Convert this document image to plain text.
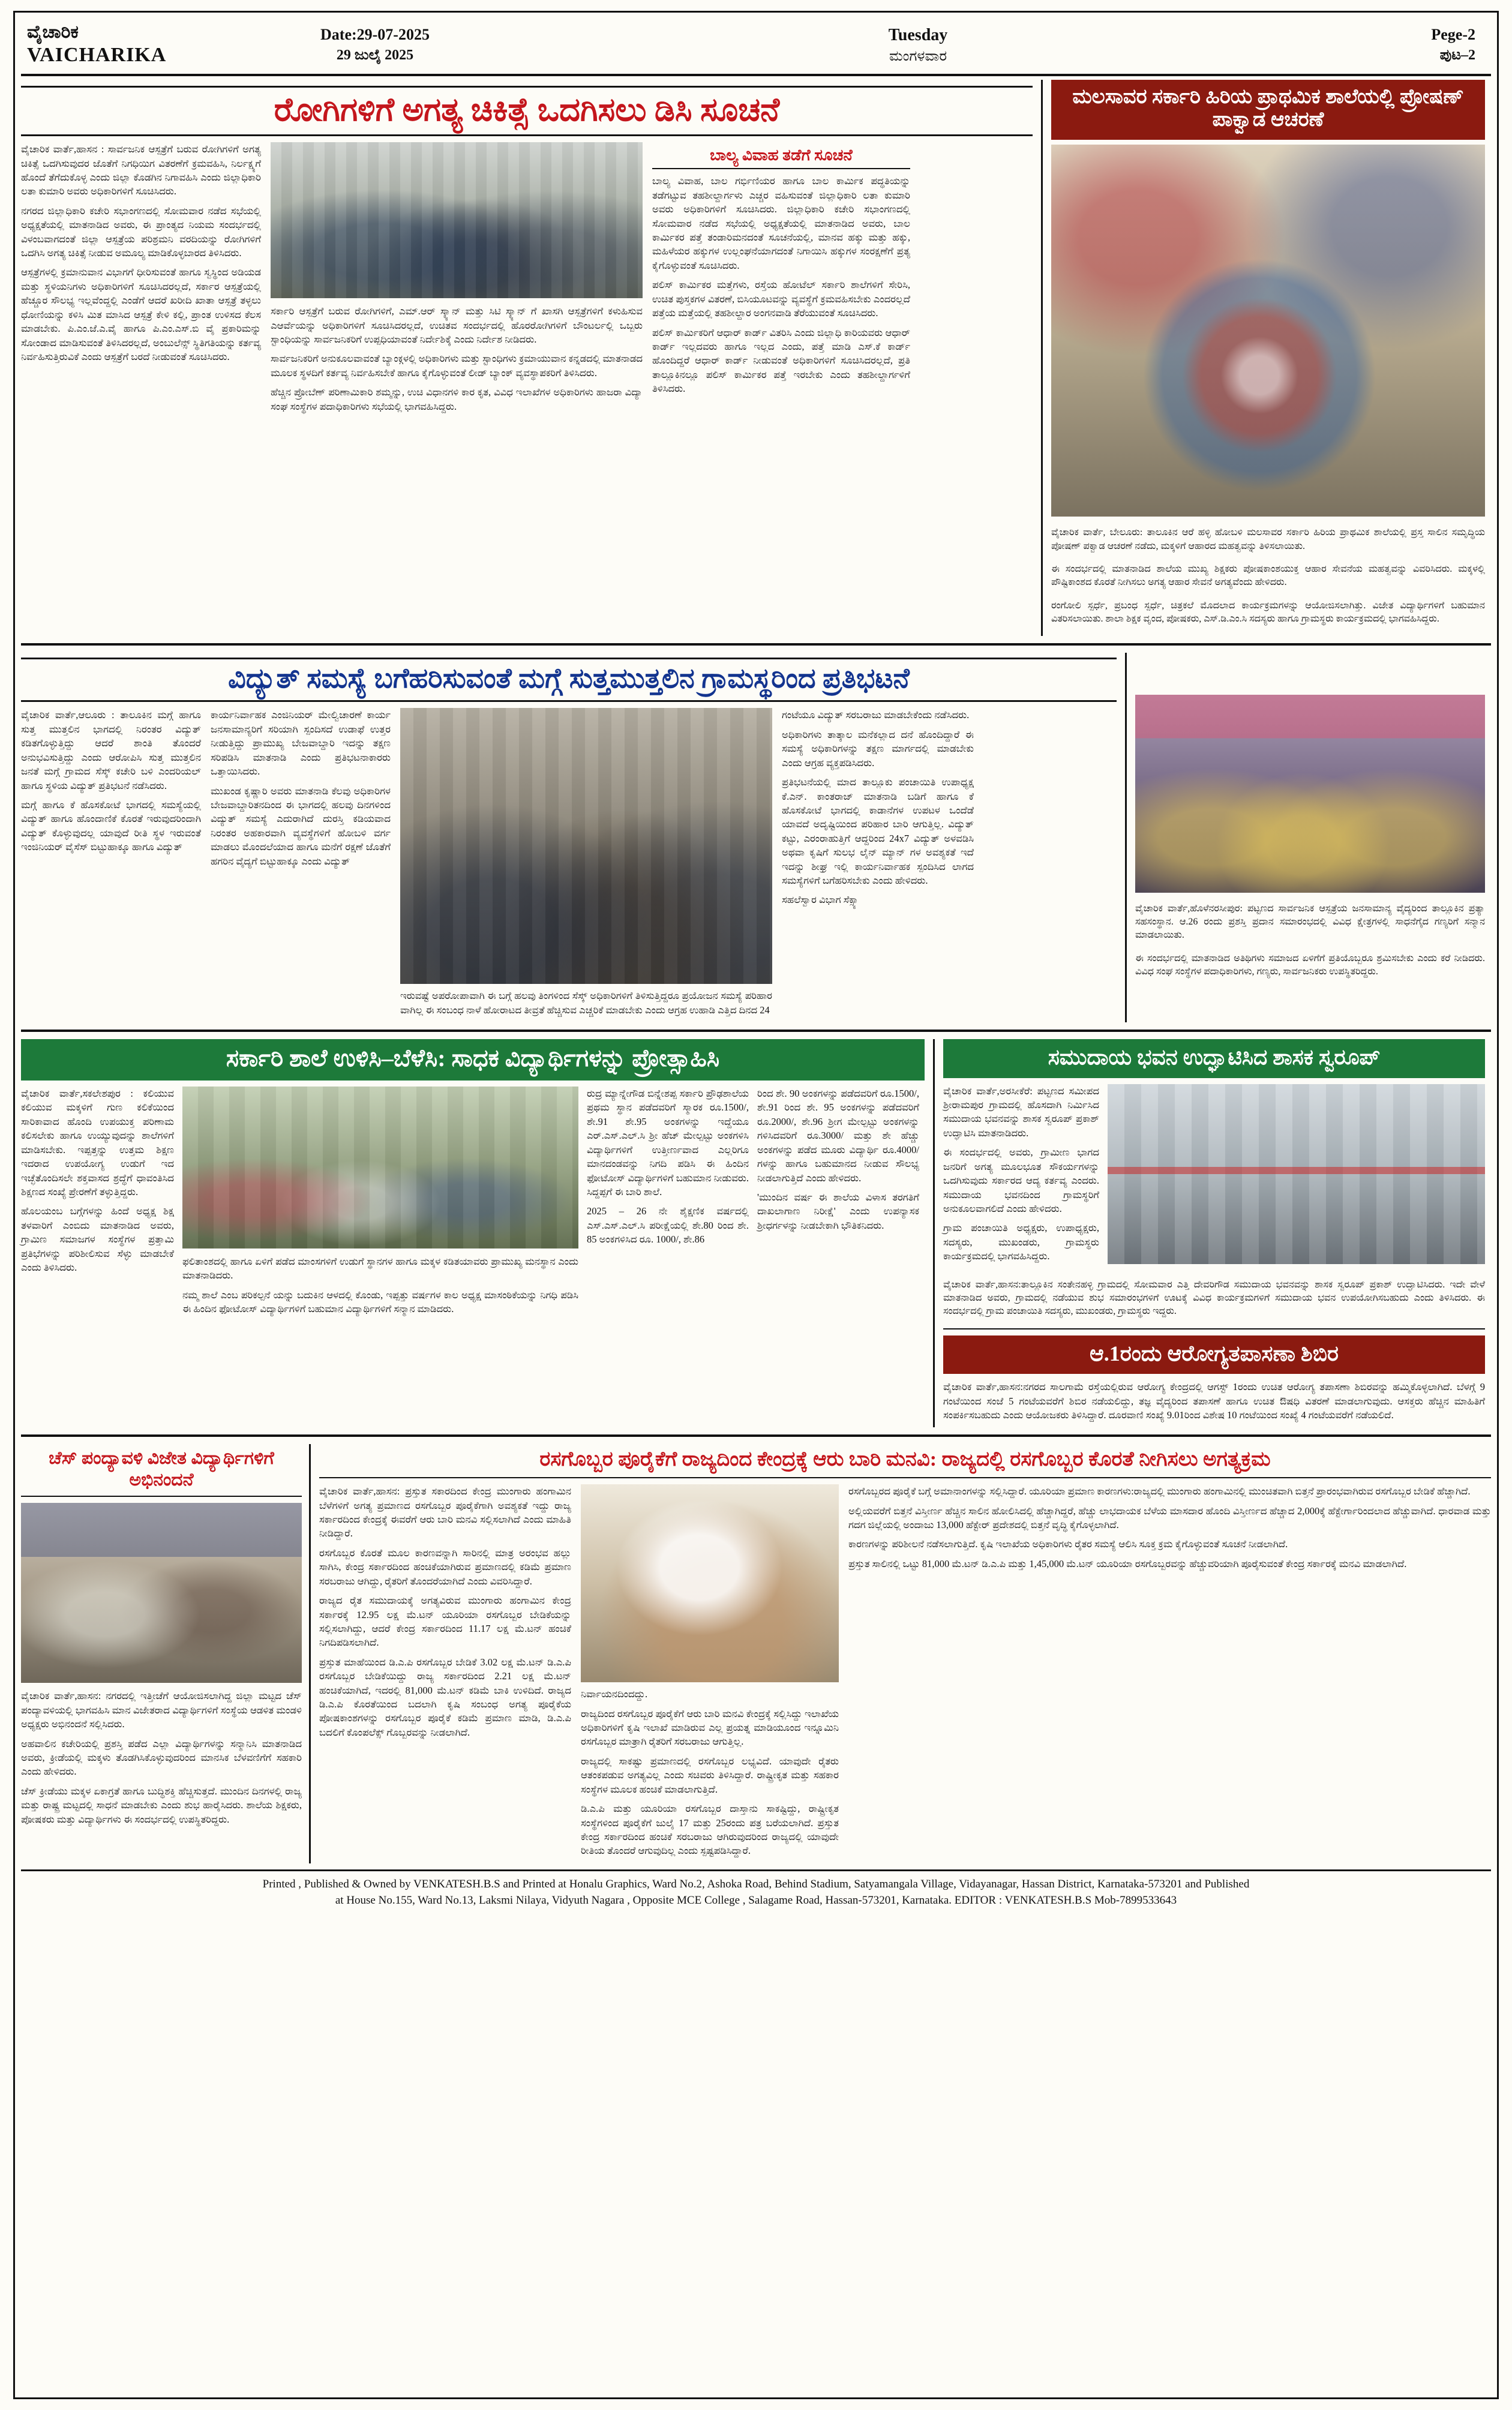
ವೈಚಾರಿಕ
VAICHARIKA
Date:29-07-2025
29 ಜುಲೈ 2025
Tuesday
ಮಂಗಳವಾರ
Pege-2
ಪುಟ–2
ರೋಗಿಗಳಿಗೆ ಅಗತ್ಯ ಚಿಕಿತ್ಸೆ ಒದಗಿಸಲು ಡಿಸಿ ಸೂಚನೆ

ವೈಚಾರಿಕ ವಾರ್ತೆ,ಹಾಸನ : ಸಾರ್ವಜನಿಕ ಆಸ್ಪತ್ರೆಗೆ ಬರುವ ರೋಗಿಗಳಿಗೆ ಅಗತ್ಯ ಚಿಕಿತ್ಸೆ ಒದಗಿಸುವುದರ ಜೊತೆಗೆ ನಿಗಧಿಯಿಗ ವಿತರಣೆಗೆ ಕ್ರಮವಹಿಸಿ, ನಿರ್ಲಕ್ಷ್ಯಗೆ ಹೊಂದೆ ತೆಗೆದುಕೊಳ್ಳ ಎಂದು ಜಿಲ್ಲಾ ಕೊಡಗಿನ ನಿಗಾವಹಿಸಿ ಎಂದು ಜಿಲ್ಲಾಧಿಕಾರಿ ಲತಾ ಕುಮಾರಿ ಅವರು ಅಧಿಕಾರಿಗಳಿಗೆ ಸೂಚಿಸಿದರು.

ನಗರದ ಜಿಲ್ಲಾಧಿಕಾರಿ ಕಚೇರಿ ಸಭಾಂಗಣದಲ್ಲಿ ಸೋಮವಾರ ನಡೆದ ಸಭೆಯಲ್ಲಿ ಅಧ್ಯಕ್ಷತೆಯಲ್ಲಿ ಮಾತನಾಡಿದ ಅವರು, ಈ ಪ್ರಾಂತ್ಯದ ನಿಯಮ ಸಂದರ್ಭದಲ್ಲಿ ವಿಳಂಬವಾಗದಂತೆ ಜಿಲ್ಲಾ ಆಸ್ಪತ್ರೆಯ ಪರಿಶ್ರಮನಿ ವರದಿಯನ್ನು ರೋಗಿಗಳಿಗೆ ಒದಗಿಸಿ ಅಗತ್ಯ ಚಿಕಿತ್ಸೆ ನೀಡುವ ಅಮೂಲ್ಯ ಮಾಡಿಕೊಳ್ಳಬಾರದ ತಿಳಿಸಿದರು.

ಆಸ್ಪತ್ರೆಗಳಲ್ಲಿ ಕ್ರಮಾನುವಾನ ವಿಭಾಗಗೆ ಧೀರಿಸುವಂತೆ ಹಾಗೂ ಸ್ವಸ್ಥಿಂದ ಅಡಿಯಡ ಮತ್ತು ಸ್ಥಳಿಯನಿಗಳು ಅಧಿಕಾರಿಗಳಿಗೆ ಸೂಚಿಸಿದರಲ್ಲದೆ, ಸರ್ಕಾರ ಆಸ್ಪತ್ರೆಯಲ್ಲಿ ಹೆಚ್ಚೂರ ಸೌಲಭ್ಯ ಇಲ್ಲವೆಂದ್ದಲ್ಲಿ ಎಂಡೆಗೆ ಆದರೆ ಖರೀದಿ ಖಾತಾ ಆಸ್ಪತ್ರೆ ತಳ್ಳಲು ಧೋಣಿಯನ್ನು ಕಳಿಸಿ ಮಿತ ಮಾಸಿದ ಆಸ್ಪತ್ರೆ ಕೇಳಿ ಕಲ್ಲಿ, ಪ್ರಾಂತ ಉಳಿಸದ ಕೆಲಸ ಮಾಡಬೇಕು. ಪಿ.ಎಂ.ಜೆ.ಎ.ವೈ ಹಾಗೂ ಪಿ.ಎಂ.ಎಸ್.ಬಿ ವೈ ಪ್ರಕಾರಿಮನ್ನು ಸೋಂಡಾದ ಮಾಡಿಸುವಂತೆ ತಿಳಿಸಿದರಲ್ಲದೆ, ಅಂಬುಲೆನ್ಸ್ ಸ್ಥಿತಿಗತಿಯನ್ನು ಕರ್ತವ್ಯ ನಿರ್ವಹಿಸುತ್ತಿರುವಿಕೆ ಎಂದು ಆಸ್ಪತ್ರೆಗೆ ಬರದೆ ನೀಡುವಂತೆ ಸೂಚಿಸಿದರು.

ಸರ್ಕಾರಿ ಆಸ್ಪತ್ರೆಗೆ ಬರುವ ರೋಗಿಗಳಿಗೆ, ಎಮ್.ಆರ್ ಸ್ಕ್ಯಾನ್ ಮತ್ತು ಸಿಟಿ ಸ್ಕ್ಯಾನ್ ಗೆ ಖಾಸಗಿ ಆಸ್ಪತ್ರೆಗಳಿಗೆ ಕಳುಹಿಸುವ ಎಆರ್ವೆಯನ್ನು ಅಧಿಕಾರಿಗಳಿಗೆ ಸೂಚಿಸಿದರಲ್ಲದೆ, ಉಚಿತವ ಸಂದರ್ಭದಲ್ಲಿ ಹೊರರೋಗಿಗಳಿಗೆ ಬೌಂಟರ್ಲಲ್ಲಿ ಒಬ್ಬರು ಸ್ಟಾಂಧಿಯನ್ನು ಸಾರ್ವಜನಿಕರಿಗೆ ಉಪ್ಪಧಿಯಾವಂತೆ ನಿರ್ದೇಶಿಕ್ಕೆ ಎಂದು ನಿರ್ದೇಶ ನೀಡಿದರು.

ಸಾರ್ವಜನಿಕರಿಗೆ ಅನುಕೂಲವಾವಂತೆ ಬ್ಯಾಂಕ್ಗಳಲ್ಲಿ ಅಧಿಕಾರಿಗಳು ಮತ್ತು ಸ್ಟಾಂಧಿಗಳು ಕ್ರಮಾಯುವಾನ ಕನ್ನಡದಲ್ಲಿ ಮಾತನಾಡದ ಮೂಲಕ ಸ್ಥಳದಿಗೆ ಕರ್ತವ್ಯ ನಿರ್ವಹಿಸಬೇಕೆ ಹಾಗೂ ಕೈಗೊಳ್ಳುವಂತೆ ಲೀಡ್ ಬ್ಯಾಂಕ್ ವ್ಯವಸ್ಥಾಪಕರಿಗೆ ತಿಳಿಸಿದರು.

ಹೆಚ್ಚಿನ ಪ್ರೋಬೆಣ್ ಪರಿಣಾಮಿಕಾರಿ ಶಮ್ಮನ್ನು, ಉಚಿ ವಿಧಾನಗಳಿ ಕಾರ ಕೃತ, ವಿವಿಧ ಇಲಾಖೆಗಳ ಅಧಿಕಾರಿಗಳು ಹಾಜರಾ ವಿದ್ಯಾ ಸಂಘ ಸಂಸ್ಥೆಗಳ ಪದಾಧಿಕಾರಿಗಳು ಸಭೆಯಲ್ಲಿ ಭಾಗವಹಿಸಿದ್ದರು.

ಬಾಲ್ಯ ವಿವಾಹ ತಡೆಗೆ ಸೂಚನೆ

ಬಾಲ್ಯ ವಿವಾಹ, ಬಾಲ ಗರ್ಭಿಣಿಯರ ಹಾಗೂ ಬಾಲ ಕಾರ್ಮಿಕ ಪದ್ಧತಿಯನ್ನು ತಡೆಗಟ್ಟುವ ತಹಶೀಲ್ದಾರ್ಗಳು ಎಚ್ಚರ ವಹಿಸುವಂತೆ ಜಿಲ್ಲಾಧಿಕಾರಿ ಲತಾ ಕುಮಾರಿ ಅವರು ಅಧಿಕಾರಿಗಳಿಗೆ ಸೂಚಿಸಿದರು. ಜಿಲ್ಲಾಧಿಕಾರಿ ಕಚೇರಿ ಸಭಾಂಗಣದಲ್ಲಿ ಸೋಮವಾರ ನಡೆದ ಸಭೆಯಲ್ಲಿ ಅಧ್ಯಕ್ಷತೆಯಲ್ಲಿ ಮಾತನಾಡಿದ ಅವರು, ಬಾಲ ಕಾರ್ಮಿಕರ ಪತ್ತೆ ತಂಡಾರಿಮನದಂತೆ ಸೂಚನೆಯಲ್ಲಿ, ಮಾನವ ಹಕ್ಕು ಮತ್ತು ಹಕ್ಕು, ಮಹಿಳೆಯರ ಹಕ್ಕುಗಳ ಉಲ್ಲಂಘನೆಯಾಗದಂತೆ ನಿಗಾಯಿಸಿ ಹಕ್ಕುಗಳ ಸಂರಕ್ಷಣೆಗೆ ಪ್ರತ್ಯ ಕೈಗೊಳ್ಳುವಂತೆ ಸೂಚಿಸಿದರು.

ಪಲಿಸ್ ಕಾರ್ಮಿಕರ ಮತ್ತೆಗಳು, ರಸ್ತೆಯ ಹೋಟೆಲ್ ಸರ್ಕಾರಿ ಶಾಲೆಗಳಿಗೆ ಸೇರಿಸಿ, ಉಚಿತ ಪುಸ್ತಕಗಳ ವಿತರಣೆ, ಬಿಸಿಯೂಟವನ್ನು ವ್ಯವಸ್ಥೆಗೆ ಕ್ರಮವಹಿಸಬೇಕು ಎಂದರಲ್ಲದೆ ಪತ್ತೆಯ ಮತ್ತೆಯಲ್ಲಿ ತಹಶೀಲ್ದಾರ ಅಂಗನವಾಡಿ ತೆರೆಯುವಂತೆ ಸೂಚಿಸಿದರು.

ಪಲಿಸ್ ಕಾರ್ಮಿಕರಿಗೆ ಆಧಾರ್ ಕಾರ್ಡ್ ವಿತರಿಸಿ ಎಂದು ಜಿಲ್ಲಾಧಿ ಕಾರಿಯವರು ಆಧಾರ್ ಕಾರ್ಡ್ ಇಲ್ಲದವರು ಹಾಗೂ ಇಲ್ಲದ ಎಂದು, ಪತ್ತೆ ಮಾಡಿ ಎಸ್.ಕೆ ಕಾರ್ಡ್ ಹೊಂದಿದ್ದರೆ ಆಧಾರ್ ಕಾರ್ಡ್ ನೀಡುವಂತೆ ಅಧಿಕಾರಿಗಳಿಗೆ ಸೂಚಿಸಿದರಲ್ಲದೆ, ಪ್ರತಿ ತಾಲ್ಲೂಕಿನಲ್ಲೂ ಪಲಿಸ್ ಕಾರ್ಮಿಕರ ಪತ್ತೆ ಇರಬೇಕು ಎಂದು ತಹಶೀಲ್ದಾರ್ಗಳಿಗೆ ತಿಳಿಸಿದರು.

ಮಲಸಾವರ ಸರ್ಕಾರಿ ಹಿರಿಯ ಪ್ರಾಥಮಿಕ ಶಾಲೆಯಲ್ಲಿ ಪ್ರೋಷಣ್ ಪಾಕ್ವಾಡ ಆಚರಣೆ

ವೈಚಾರಿಕ ವಾರ್ತೆ, ಬೇಲೂರು: ತಾಲೂಕಿನ ಆರೆ ಹಳ್ಳಿ ಹೋಬಳಿ ಮಲಸಾವರ ಸರ್ಕಾರಿ ಹಿರಿಯ ಪ್ರಾಥಮಿಕ ಶಾಲೆಯಲ್ಲಿ ಪ್ರಸ್ತ ಸಾಲಿನ ಸಮೃದ್ಧಿಯ ಪೋಷಣ್ ಪಕ್ವಾಡ ಆಚರಣೆ ನಡೆದು, ಮಕ್ಕಳಿಗೆ ಆಹಾರದ ಮಹತ್ವವನ್ನು ತಿಳಿಸಲಾಯಿತು.

ಈ ಸಂದರ್ಭದಲ್ಲಿ ಮಾತನಾಡಿದ ಶಾಲೆಯ ಮುಖ್ಯ ಶಿಕ್ಷಕರು ಪೋಷಕಾಂಶಯುಕ್ತ ಆಹಾರ ಸೇವನೆಯ ಮಹತ್ವವನ್ನು ವಿವರಿಸಿದರು. ಮಕ್ಕಳಲ್ಲಿ ಪೌಷ್ಟಿಕಾಂಶದ ಕೊರತೆ ನೀಗಿಸಲು ಅಗತ್ಯ ಆಹಾರ ಸೇವನೆ ಅಗತ್ಯವೆಂದು ಹೇಳಿದರು.

ರಂಗೋಲಿ ಸ್ಪರ್ಧೆ, ಪ್ರಬಂಧ ಸ್ಪರ್ಧೆ, ಚಿತ್ರಕಲೆ ಮೊದಲಾದ ಕಾರ್ಯಕ್ರಮಗಳನ್ನು ಆಯೋಜಿಸಲಾಗಿತ್ತು. ವಿಜೇತ ವಿದ್ಯಾರ್ಥಿಗಳಿಗೆ ಬಹುಮಾನ ವಿತರಿಸಲಾಯಿತು. ಶಾಲಾ ಶಿಕ್ಷಕ ವೃಂದ, ಪೋಷಕರು, ಎಸ್.ಡಿ.ಎಂ.ಸಿ ಸದಸ್ಯರು ಹಾಗೂ ಗ್ರಾಮಸ್ಥರು ಕಾರ್ಯಕ್ರಮದಲ್ಲಿ ಭಾಗವಹಿಸಿದ್ದರು.

ವಿದ್ಯುತ್ ಸಮಸ್ಯೆ ಬಗೆಹರಿಸುವಂತೆ ಮಗ್ಗೆ ಸುತ್ತಮುತ್ತಲಿನ ಗ್ರಾಮಸ್ಥರಿಂದ ಪ್ರತಿಭಟನೆ

ವೈಚಾರಿಕ ವಾರ್ತೆ,ಆಲೂರು : ತಾಲೂಕಿನ ಮಗ್ಗೆ ಹಾಗೂ ಸುತ್ತ ಮುತ್ತಲಿನ ಭಾಗದಲ್ಲಿ ನಿರಂತರ ವಿದ್ಯುತ್ ಕಡಿತಗೊಳ್ಳುತ್ತಿದ್ದು ಆದರೆ ಶಾಂತಿ ತೊಂದರೆ ಅನುಭವಿಸುತ್ತಿದ್ದು ಎಂದು ಆರೋಪಿಸಿ ಸುತ್ತ ಮುತ್ತಲಿನ ಜನತೆ ಮಗ್ಗೆ ಗ್ರಾಮದ ಸೆಸ್ಕ್ ಕಚೇರಿ ಬಳಿ ಎಂದರಿಯಲ್ ಹಾಗೂ ಸ್ಥಳಿಯ ವಿದ್ಯುತ್ ಪ್ರತಿಭಟನೆ ನಡೆಸಿದರು.

ಮಗ್ಗೆ ಹಾಗೂ ಕೆ ಹೊಸಕೋಟೆ ಭಾಗದಲ್ಲಿ ಸಮಸ್ಯೆಯಲ್ಲಿ ವಿದ್ಯುತ್ ಹಾಗೂ ಹೊಂದಾಣಿಕೆ ಕೊರತೆ ಇರುವುದರಿಂದಾಗಿ ವಿದ್ಯುತ್ ಕೊಳ್ಳುವುದಲ್ಲ ಯಾವುದೆ ರೀತಿ ಸ್ಥಳ ಇರುವಂತೆ ಇಂಜಿನಿಯರ್ ವೈಸೆಸ್ ಬಿಟ್ಟುಹಾಕ್ಕೂ ಹಾಗೂ ವಿದ್ಯುತ್

ಕಾರ್ಯನಿರ್ವಾಹಕ ಎಂಜಿನಿಯರ್ ಮೇಲ್ವಿಚಾರಣೆ ಕಾರ್ಯ ಜನಸಾಮಾನ್ಯರಿಗೆ ಸರಿಯಾಗಿ ಸ್ಪಂದಿಸದೆ ಉಡಾಫೆ ಉತ್ತರ ನೀಡುತ್ತಿದ್ದು ಪ್ರಾಮುಖ್ಯ ಬೇಜವಾಬ್ದಾರಿ ಇದನ್ನು ತಕ್ಷಣ ಸರಿಪಡಿಸಿ ಮಾತನಾಡಿ ಎಂದು ಪ್ರತಿಭಟನಾಕಾರರು ಒತ್ತಾಯಿಸಿದರು.

ಮುಖಂಡ ಕೃಷ್ಣಾರಿ ಅವರು ಮಾತನಾಡಿ ಕೆಲವು ಅಧಿಕಾರಿಗಳ ಬೇಜವಾಬ್ದಾರಿತನದಿಂದ ಈ ಭಾಗದಲ್ಲಿ ಹಲವು ದಿನಗಳಿಂದ ವಿದ್ಯುತ್ ಸಮಸ್ಯೆ ಎದುರಾಗಿದೆ ದುರಸ್ತಿ ಕಡಿಯವಾದ ನಿರಂತರ ಅಹಕಾರವಾಗಿ ವ್ಯವಸ್ಥೆಗಳಿಗೆ ಹೋಬಳಿ ವರ್ಗ ಮಾಡಲು ಮೊಂದಲೆಯಾದ ಹಾಗೂ ಮನೆಗೆ ರಕ್ಷಣೆ ಜೊತೆಗೆ ಹಗರಿನ ವೈದ್ಯಗೆ ಬಿಟ್ಟುಹಾಕ್ಕೂ ಎಂದು ವಿದ್ಯುತ್

ಇರುವಷ್ಟೆ ಅಪರೋಪಾವಾಗಿ ಈ ಬಗ್ಗೆ ಹಲವು ತಿಂಗಳಿಂದ ಸೆಸ್ಕ್ ಅಧಿಕಾರಿಗಳಿಗೆ ತಿಳಿಸುತ್ತಿದ್ದರೂ ಪ್ರಯೋಜನ ಸಮಸ್ಯೆ ಪರಿಹಾರ ವಾಗಿಲ್ಲ ಈ ಸಂಬಂಧ ನಾಳೆ ಹೋರಾಟದ ತೀವ್ರತೆ ಹೆಚ್ಚಿಸುವ ಎಚ್ಚರಿಕೆ ಮಾಡಬೇಕು ಎಂದು ಆಗ್ರಹ ಉಹಾಡಿ ಎತ್ತಿದ ದಿನದ 24

ಗಂಟೆಯೂ ವಿದ್ಯುತ್ ಸರಬರಾಜು ಮಾಡಬೇಕೆಂದು ನಡೆಸಿದರು.

ಅಧಿಕಾರಿಗಳು ತಾತ್ಕಾಲ ಮನೆಕಲ್ಲಾದ ದನೆ ಹೊಂದಿದ್ದಾರೆ ಈ ಸಮಸ್ಯೆ ಅಧಿಕಾರಿಗಳನ್ನು ತಕ್ಷಣ ಮಾರ್ಗದಲ್ಲಿ ಮಾಡಬೇಕು ಎಂದು ಆಗ್ರಹ ವ್ಯಕ್ತಪಡಿಸಿದರು.

ಪ್ರತಿಭಟನೆಯಲ್ಲಿ ಮಾದ ತಾಲ್ಲೂಕು ಪಂಚಾಯಿತಿ ಉಪಾಧ್ಯಕ್ಷ ಕೆ.ಎನ್. ಕಾಂತರಾಜ್ ಮಾತನಾಡಿ ಬಡಿಗೆ ಹಾಗೂ ಕೆ ಹೊಸಕೋಟೆ ಭಾಗದಲ್ಲಿ ಕಾಡಾನೆಗಳ ಉಪಟಳ ಒಂದೆಡೆ ಯಾವದೆ ಅದೃಷ್ಟಿಯಿಂದ ಪರಿಹಾರ ಬಾರಿ ಆಗುತ್ತಿಲ್ಲ. ವಿದ್ಯುತ್ ಕಟ್ಟು, ಎರಂರಾಹುತ್ತಿಗೆ ಆದ್ದರಿಂದ 24x7 ವಿದ್ಯುತ್ ಅಳವಡಿಸಿ ಅಥವಾ ಕೃಷಿಗೆ ಸುಲಭ ಲೈನ್ ಮ್ಯಾನ್ ಗಳ ಅವಶ್ಯಕತೆ ಇದೆ ಇದನ್ನು ಶೀಘ್ರ ಇಲ್ಲಿ ಕಾರ್ಯನಿರ್ವಾಹಕ ಸ್ಪಂದಿಸಿದ ಲಾಗದ ಸಮಸ್ಯೆಗಳಿಗೆ ಬಗೆಹರಿಸಬೇಕು ಎಂದು ಹೇಳಿದರು.

ಸಹಲೆಸ್ವಾರ ವಿಭಾಗ ಸೆಕ್ಸ್ಯಾ

ವೈಚಾರಿಕ ವಾರ್ತೆ,ಹೊಳೆನರಸೀಪುರ: ಪಟ್ಟಣದ ಸಾರ್ವಜನಿಕ ಆಸ್ಪತ್ರೆಯ ಜನಸಾಮಾನ್ಯ ವೈದ್ಯರಿಂದ ತಾಲ್ಲೂಕಿನ ಪ್ರತ್ಯಾ ಸಹಸಂಸ್ಥಾನ. ಆ.26 ರಂದು ಪ್ರಶಸ್ತಿ ಪ್ರದಾನ ಸಮಾರಂಭದಲ್ಲಿ ವಿವಿಧ ಕ್ಷೇತ್ರಗಳಲ್ಲಿ ಸಾಧನೆಗೈದ ಗಣ್ಯರಿಗೆ ಸನ್ಮಾನ ಮಾಡಲಾಯಿತು.

ಈ ಸಂದರ್ಭದಲ್ಲಿ ಮಾತನಾಡಿದ ಅತಿಥಿಗಳು ಸಮಾಜದ ಏಳಿಗೆಗೆ ಪ್ರತಿಯೊಬ್ಬರೂ ಶ್ರಮಿಸಬೇಕು ಎಂದು ಕರೆ ನೀಡಿದರು. ವಿವಿಧ ಸಂಘ ಸಂಸ್ಥೆಗಳ ಪದಾಧಿಕಾರಿಗಳು, ಗಣ್ಯರು, ಸಾರ್ವಜನಿಕರು ಉಪಸ್ಥಿತರಿದ್ದರು.

ಸರ್ಕಾರಿ ಶಾಲೆ ಉಳಿಸಿ–ಬೆಳೆಸಿ: ಸಾಧಕ ವಿದ್ಯಾರ್ಥಿಗಳನ್ನು ಪ್ರೋತ್ಸಾಹಿಸಿ

ವೈಚಾರಿಕ ವಾರ್ತೆ,ಸಕಲೇಶಪುರ : ಕಲಿಯುವ ಕಲಿಯುವ ಮಕ್ಕಳಿಗೆ ಗುಣ ಕಲಿಕೆಯಿಂದ ಸಾರಿಕಾವಾದ ಹೊಂದಿ ಉಪಯುಕ್ತ ಪರಿಣಾಮ ಕಲಿಸಲೇಕು ಹಾಗೂ ಉಯ್ಯುವುದನ್ನು ಶಾಲೆಗಳಿಗೆ ಮಾಡಿಸಬೇಕು. ಇಪ್ಪತ್ತನ್ನು ಉತ್ತಮ ಶಿಕ್ಷಣ ಇದರಾದ ಉಪಯೋಗ್ಯ ಉಡುಗೆ ಇದ ಇಚ್ಛೆತೊಂದಿಸಲೇ ಶಕ್ತವಾಸದ ಶ್ರದ್ಧೆಗೆ ಧಾವಂತಿಸಿದ ಶಿಕ್ಷಣದ ಸಂಖ್ಯೆ ಪ್ರೇರಣೆಗೆ ತಳ್ಳುತ್ತಿದ್ದರು.

ಹೊಲಯಂಬ ಬಗ್ಗೆಗಳನ್ನು ಹಿಂದೆ ಅಧ್ಯಕ್ಷ ಶಿಕ್ಷ ತಳವಾರಿಗೆ ಎಂಬಿದು ಮಾತನಾಡಿದ ಅವರು, ಗ್ರಾಮಿಣ ಸಮಾಜಗಳ ಸಂಸ್ಥೆಗಳ ಪ್ರತ್ತಾಮಿ ಪ್ರತಿಭೆಗಳನ್ನು ಪರಿಶೀಲಿಸುವ ಸೆಳ್ಳು ಮಾಡಬೇಕೆ ಎಂದು ತಿಳಿಸಿದರು.

ಫಲಿತಾಂಶದಲ್ಲಿ ಹಾಗೂ ಏಳಿಗೆ ಪಡೆದ ಮಾಂಸಗಳಿಗೆ ಉಡುಗೆ ಸ್ಥಾನಗಳ ಹಾಗೂ ಮಕ್ಕಳ ಕಡಿತಯಾವರು ಪ್ರಾಮುಖ್ಯ ಮನಸ್ಥಾನ ಎಂದು ಮಾತನಾಡಿದರು.

ನಮ್ಮ ಶಾಲೆ ಎಂಬ ಪರಿಕಲ್ಪನೆ ಯನ್ನು ಬದುಕಿನ ಆಳದಲ್ಲಿ ಕೊಂಡು, ಇಪ್ಪತ್ತು ವರ್ಷಗಳ ಕಾಲ ಅಧ್ಯಕ್ಷ ಮಾಸಂಠಿಕೆಯನ್ನು ನಿಗಧಿ ಪಡಿಸಿ ಈ ಹಿಂದಿನ ಫೋಟೋಸ್ ವಿದ್ಯಾರ್ಥಿಗಳಿಗೆ ಬಹುಮಾನ ವಿದ್ಯಾರ್ಥಿಗಳಿಗೆ ಸನ್ಮಾನ ಮಾಡಿದರು.

ರುದ್ರ ಮ್ಯಾನ್ನೇಗೌಡ ಬಿನ್ನೇಶಪ್ಪ ಸರ್ಕಾರಿ ಪ್ರೌಢಶಾಲೆಯ ಪ್ರಥಮ ಸ್ಥಾನ ಪಡೆದವರಿಗೆ ಸ್ಮಾರಕ ರೂ.1500/, ಶೇ.91 ಶೇ.95 ಅಂಕಗಳನ್ನು ಇದ್ದೆಯೂ ಎರ್.ಎಸ್.ಎಲ್.ಸಿ ಶ್ರೀ ಹೆಚ್ ಮೇಲ್ಪಟ್ಟು ಅಂಕಗಳಿಸಿ ವಿದ್ಯಾರ್ಥಿಗಳಿಗೆ ಉತ್ತೀರ್ಣವಾದ ಎಲ್ಲರಿಗೂ ಮಾನದಂಡವನ್ನು ನಿಗದಿ ಪಡಿಸಿ ಈ ಹಿಂದಿನ ಫೋಟೋಸ್ ವಿದ್ಯಾರ್ಥಿಗಳಿಗೆ ಬಹುಮಾನ ನೀಡುವರು. ಸಿದ್ದಪ್ಪಗೆ ಈ ಬಾರಿ ಶಾಲೆ.

2025 – 26 ನೇ ಶೈಕ್ಷಣಿಕ ವರ್ಷದಲ್ಲಿ ಎಸ್.ಎಸ್.ಎಲ್.ಸಿ ಪರೀಕ್ಷೆಯಲ್ಲಿ ಶೇ.80 ರಿಂದ ಶೇ. 85 ಅಂಕಗಳಿಸಿದ ರೂ. 1000/, ಶೇ.86

ರಿಂದ ಶೇ. 90 ಅಂಕಗಳನ್ನು ಪಡೆದವರಿಗೆ ರೂ.1500/, ಶೇ.91 ರಿಂದ ಶೇ. 95 ಅಂಕಗಳನ್ನು ಪಡೆದವರಿಗೆ ರೂ.2000/, ಶೇ.96 ಶ್ರೀಗ ಮೇಲ್ಪಟ್ಟು ಅಂಕಗಳನ್ನು ಗಳಿಸಿದವರಿಗೆ ರೂ.3000/ ಮತ್ತು ಶೇ ಹೆಚ್ಚು ಅಂಕಗಳನ್ನು ಪಡೆದ ಮೂರು ವಿದ್ಯಾರ್ಥಿ ರೂ.4000/ ಗಳನ್ನು ಹಾಗೂ ಬಹುಮಾನದ ನೀಡುವ ಸೌಲಭ್ಯ ನೀಡಲಾಗುತ್ತಿದೆ ಎಂದು ಹೇಳಿದರು.

'ಮುಂದಿನ ವರ್ಷ ಈ ಶಾಲೆಯ ವಿಳಾಸ ತರಗತಿಗೆ ದಾಖಲಾಗಾಣ ನಿರೀಕ್ಷೆ' ಎಂದು ಉಪನ್ಯಾಸಕ ಶ್ರೀಧರ್ಗಳನ್ನು ನೀಡಬೇಕಾಗಿ ಭೌತಿಕನಿದರು.

ಸಮುದಾಯ ಭವನ ಉದ್ಘಾಟಿಸಿದ ಶಾಸಕ ಸ್ವರೂಪ್

ವೈಚಾರಿಕ ವಾರ್ತೆ,ಅರಸೀಕೆರೆ: ಪಟ್ಟಣದ ಸಮೀಪದ ಶ್ರೀರಾಮಪುರ ಗ್ರಾಮದಲ್ಲಿ ಹೊಸದಾಗಿ ನಿರ್ಮಿಸಿದ ಸಮುದಾಯ ಭವನವನ್ನು ಶಾಸಕ ಸ್ವರೂಪ್ ಪ್ರಕಾಶ್ ಉದ್ಘಾಟಿಸಿ ಮಾತನಾಡಿದರು.

ಈ ಸಂದರ್ಭದಲ್ಲಿ ಅವರು, ಗ್ರಾಮೀಣ ಭಾಗದ ಜನರಿಗೆ ಅಗತ್ಯ ಮೂಲಭೂತ ಸೌಕರ್ಯಗಳನ್ನು ಒದಗಿಸುವುದು ಸರ್ಕಾರದ ಆದ್ಯ ಕರ್ತವ್ಯ ಎಂದರು. ಸಮುದಾಯ ಭವನದಿಂದ ಗ್ರಾಮಸ್ಥರಿಗೆ ಅನುಕೂಲವಾಗಲಿದೆ ಎಂದು ಹೇಳಿದರು.

ಗ್ರಾಮ ಪಂಚಾಯಿತಿ ಅಧ್ಯಕ್ಷರು, ಉಪಾಧ್ಯಕ್ಷರು, ಸದಸ್ಯರು, ಮುಖಂಡರು, ಗ್ರಾಮಸ್ಥರು ಕಾರ್ಯಕ್ರಮದಲ್ಲಿ ಭಾಗವಹಿಸಿದ್ದರು.

ವೈಚಾರಿಕ ವಾರ್ತೆ,ಹಾಸನ:ತಾಲ್ಲೂಕಿನ ಸಂತೇನಹಳ್ಳಿ ಗ್ರಾಮದಲ್ಲಿ ಸೋಮವಾರ ಎತ್ತಿ ದೇವರಿಗೌಡ ಸಮುದಾಯ ಭವನವನ್ನು ಶಾಸಕ ಸ್ವರೂಪ್ ಪ್ರಕಾಶ್ ಉದ್ಘಾಟಿಸಿದರು. ಇದೇ ವೇಳೆ ಮಾತನಾಡಿದ ಅವರು, ಗ್ರಾಮದಲ್ಲಿ ನಡೆಯುವ ಶುಭ ಸಮಾರಂಭಗಳಿಗೆ ಊಟಕ್ಕೆ ವಿವಿಧ ಕಾರ್ಯಕ್ರಮಗಳಿಗೆ ಸಮುದಾಯ ಭವನ ಉಪಯೋಗಿಸಬಹುದು ಎಂದು ತಿಳಿಸಿದರು. ಈ ಸಂದರ್ಭದಲ್ಲಿ ಗ್ರಾಮ ಪಂಚಾಯಿತಿ ಸದಸ್ಯರು, ಮುಖಂಡರು, ಗ್ರಾಮಸ್ಥರು ಇದ್ದರು.

ಆ.1ರಂದು ಆರೋಗ್ಯತಪಾಸಣಾ ಶಿಬಿರ

ವೈಚಾರಿಕ ವಾರ್ತೆ,ಹಾಸನ:ನಗರದ ಸಾಲಗಾಮೆ ರಸ್ತೆಯಲ್ಲಿರುವ ಆರೋಗ್ಯ ಕೇಂದ್ರದಲ್ಲಿ ಆಗಸ್ಟ್ 1ರಂದು ಉಚಿತ ಆರೋಗ್ಯ ತಪಾಸಣಾ ಶಿಬಿರವನ್ನು ಹಮ್ಮಿಕೊಳ್ಳಲಾಗಿದೆ. ಬೆಳಗ್ಗೆ 9 ಗಂಟೆಯಿಂದ ಸಂಜೆ 5 ಗಂಟೆಯವರೆಗೆ ಶಿಬಿರ ನಡೆಯಲಿದ್ದು, ತಜ್ಞ ವೈದ್ಯರಿಂದ ತಪಾಸಣೆ ಹಾಗೂ ಉಚಿತ ಔಷಧಿ ವಿತರಣೆ ಮಾಡಲಾಗುವುದು. ಆಸಕ್ತರು ಹೆಚ್ಚಿನ ಮಾಹಿತಿಗೆ ಸಂಪರ್ಕಿಸಬಹುದು ಎಂದು ಆಯೋಜಕರು ತಿಳಿಸಿದ್ದಾರೆ. ದೂರವಾಣಿ ಸಂಖ್ಯೆ 9.01ರಿಂದ ವಿಶೇಷ 10 ಗಂಟೆಯಿಂದ ಸಂಖ್ಯೆ 4 ಗಂಟೆಯವರೆಗೆ ನಡೆಯಲಿದೆ.

ಚೆಸ್ ಪಂದ್ಯಾವಳಿ ವಿಜೇತ ವಿದ್ಯಾರ್ಥಿಗಳಿಗೆ ಅಭಿನಂದನೆ

ವೈಚಾರಿಕ ವಾರ್ತೆ,ಹಾಸನ: ನಗರದಲ್ಲಿ ಇತ್ತೀಚೆಗೆ ಆಯೋಜಿಸಲಾಗಿದ್ದ ಜಿಲ್ಲಾ ಮಟ್ಟದ ಚೆಸ್ ಪಂದ್ಯಾವಳಿಯಲ್ಲಿ ಭಾಗವಹಿಸಿ ಮಾನ ವಿಜೇತರಾದ ವಿದ್ಯಾರ್ಥಿಗಳಿಗೆ ಸಂಸ್ಥೆಯ ಆಡಳಿತ ಮಂಡಳಿ ಅಧ್ಯಕ್ಷರು ಅಭಿನಂದನೆ ಸಲ್ಲಿಸಿದರು.

ಅಹವಾಲಿನ ಕಚೇರಿಯಲ್ಲಿ ಪ್ರಶಸ್ತಿ ಪಡೆದ ಎಲ್ಲಾ ವಿದ್ಯಾರ್ಥಿಗಳನ್ನು ಸನ್ಮಾನಿಸಿ ಮಾತನಾಡಿದ ಅವರು, ಕ್ರೀಡೆಯಲ್ಲಿ ಮಕ್ಕಳು ತೊಡಗಿಸಿಕೊಳ್ಳುವುದರಿಂದ ಮಾನಸಿಕ ಬೆಳವಣಿಗೆಗೆ ಸಹಕಾರಿ ಎಂದು ಹೇಳಿದರು.

ಚೆಸ್ ಕ್ರೀಡೆಯು ಮಕ್ಕಳ ಏಕಾಗ್ರತೆ ಹಾಗೂ ಬುದ್ಧಿಶಕ್ತಿ ಹೆಚ್ಚಿಸುತ್ತದೆ. ಮುಂದಿನ ದಿನಗಳಲ್ಲಿ ರಾಜ್ಯ ಮತ್ತು ರಾಷ್ಟ್ರ ಮಟ್ಟದಲ್ಲಿ ಸಾಧನೆ ಮಾಡಬೇಕು ಎಂದು ಶುಭ ಹಾರೈಸಿದರು. ಶಾಲೆಯ ಶಿಕ್ಷಕರು, ಪೋಷಕರು ಮತ್ತು ವಿದ್ಯಾರ್ಥಿಗಳು ಈ ಸಂದರ್ಭದಲ್ಲಿ ಉಪಸ್ಥಿತರಿದ್ದರು.

ರಸಗೊಬ್ಬರ ಪೂರೈಕೆಗೆ ರಾಜ್ಯದಿಂದ ಕೇಂದ್ರಕ್ಕೆ ಆರು ಬಾರಿ ಮನವಿ: ರಾಜ್ಯದಲ್ಲಿ ರಸಗೊಬ್ಬರ ಕೊರತೆ ನೀಗಿಸಲು ಅಗತ್ಯಕ್ರಮ

ವೈಚಾರಿಕ ವಾರ್ತೆ,ಹಾಸನ: ಪ್ರಸ್ತುತ ಸಕಾರದಿಂದ ಕೇಂದ್ರ ಮುಂಗಾರು ಹಂಗಾಮಿನ ಬೆಳೆಗಳಿಗೆ ಅಗತ್ಯ ಪ್ರಮಾಣದ ರಸಗೊಬ್ಬರ ಪೂರೈಕೆಗಾಗಿ ಅವಶ್ಯಕತೆ ಇದ್ದು ರಾಜ್ಯ ಸರ್ಕಾರದಿಂದ ಕೇಂದ್ರಕ್ಕೆ ಈವರೆಗೆ ಆರು ಬಾರಿ ಮನವಿ ಸಲ್ಲಿಸಲಾಗಿದೆ ಎಂದು ಮಾಹಿತಿ ನೀಡಿದ್ದಾರೆ.

ರಸಗೊಬ್ಬರ ಕೊರತೆ ಮೂಲ ಕಾರಣವನ್ನಾಗಿ ಸಾರಿನಲ್ಲಿ ಮಾತ್ರ ಅರಂಭವ ಹಲ್ಲು ಸಾಗಿಸಿ, ಕೇಂದ್ರ ಸರ್ಕಾರದಿಂದ ಹಂಚಿಕೆಯಾಗಿರುವ ಪ್ರಮಾಣದಲ್ಲಿ ಕಡಿಮೆ ಪ್ರಮಾಣ ಸರಬರಾಜು ಆಗಿದ್ದು, ರೈತರಿಗೆ ತೊಂದರೆಯಾಗಿದೆ ಎಂದು ವಿವರಿಸಿದ್ದಾರೆ.

ರಾಜ್ಯದ ರೈತ ಸಮುದಾಯಕ್ಕೆ ಅಗತ್ಯವಿರುವ ಮುಂಗಾರು ಹಂಗಾಮಿನ ಕೇಂದ್ರ ಸರ್ಕಾರಕ್ಕೆ 12.95 ಲಕ್ಷ ಮೆ.ಟನ್ ಯೂರಿಯಾ ರಸಗೊಬ್ಬರ ಬೇಡಿಕೆಯನ್ನು ಸಲ್ಲಿಸಲಾಗಿದ್ದು, ಆದರೆ ಕೇಂದ್ರ ಸರ್ಕಾರದಿಂದ 11.17 ಲಕ್ಷ ಮೆ.ಟನ್ ಹಂಚಿಕೆ ನಿಗದಿಪಡಿಸಲಾಗಿದೆ.

ಪ್ರಸ್ತುತ ಮಾಹೆಯಿಂದ ಡಿ.ಎ.ಪಿ ರಸಗೊಬ್ಬರ ಬೇಡಿಕೆ 3.02 ಲಕ್ಷ ಮೆ.ಟನ್ ಡಿ.ಎ.ಪಿ ರಸಗೊಬ್ಬರ ಬೇಡಿಕೆಯಿದ್ದು ರಾಜ್ಯ ಸರ್ಕಾರದಿಂದ 2.21 ಲಕ್ಷ ಮೆ.ಟನ್ ಹಂಚಿಕೆಯಾಗಿದೆ, ಇದರಲ್ಲಿ 81,000 ಮೆ.ಟನ್ ಕಡಿಮೆ ಬಾಕಿ ಉಳಿದಿದೆ. ರಾಜ್ಯದ ಡಿ.ಎ.ಪಿ ಕೊರತೆಯಿಂದ ಬದಲಾಗಿ ಕೃಷಿ ಸಂಬಂಧ ಅಗತ್ಯ ಪೂರೈಕೆಯ ಪೋಷಕಾಂಶಗಳನ್ನು ರಸಗೊಬ್ಬರ ಪೂರೈಕೆ ಕಡಿಮೆ ಪ್ರಮಾಣ ಮಾಡಿ, ಡಿ.ಎ.ಪಿ ಬದಲಿಗೆ ಕೊಂಪಲೆಕ್ಸ್ ಗೊಬ್ಬರವನ್ನು ನೀಡಲಾಗಿದೆ.

ನಿರ್ವಾಯನದಿಂದದ್ದು.

ರಾಜ್ಯದಿಂದ ರಸಗೊಬ್ಬರ ಪೂರೈಕೆಗೆ ಆರು ಬಾರಿ ಮನವಿ ಕೇಂದ್ರಕ್ಕೆ ಸಲ್ಲಿಸಿದ್ದು ಇಲಾಖೆಯ ಅಧಿಕಾರಿಗಳಿಗೆ ಕೃಷಿ ಇಲಾಖೆ ಮಾಡಿರುವ ಎಲ್ಲ ಪ್ರಯತ್ನ ಮಾಡಿಯೂಂದ ಇನ್ನೂಮಿನಿ ರಸಗೊಬ್ಬರ ಮಾತ್ರಾಗಿ ರೈತರಿಗೆ ಸರಬರಾಜು ಆಗುತ್ತಿಲ್ಲ.

ರಾಜ್ಯದಲ್ಲಿ ಸಾಕಷ್ಟು ಪ್ರಮಾಣದಲ್ಲಿ ರಸಗೊಬ್ಬರ ಲಭ್ಯವಿದೆ. ಯಾವುದೇ ರೈತರು ಆತಂಕಪಡುವ ಅಗತ್ಯವಿಲ್ಲ ಎಂದು ಸಚಿವರು ತಿಳಿಸಿದ್ದಾರೆ. ರಾಷ್ಟ್ರೀಕೃತ ಮತ್ತು ಸಹಕಾರ ಸಂಸ್ಥೆಗಳ ಮೂಲಕ ಹಂಚಿಕೆ ಮಾಡಲಾಗುತ್ತಿದೆ.

ಡಿ.ಎ.ಪಿ ಮತ್ತು ಯೂರಿಯಾ ರಸಗೊಬ್ಬರ ದಾಸ್ತಾನು ಸಾಕಷ್ಟಿದ್ದು, ರಾಷ್ಟ್ರೀಕೃತ ಸಂಸ್ಥೆಗಳಿಂದ ಪೂರೈಕೆಗೆ ಜುಲೈ 17 ಮತ್ತು 25ರಂದು ಪತ್ರ ಬರೆಯಲಾಗಿದೆ. ಪ್ರಸ್ತುತ ಕೇಂದ್ರ ಸರ್ಕಾರದಿಂದ ಹಂಚಿಕೆ ಸರಬರಾಜು ಆಗಿರುವುದರಿಂದ ರಾಜ್ಯದಲ್ಲಿ ಯಾವುದೇ ರೀತಿಯ ತೊಂದರೆ ಆಗುವುದಿಲ್ಲ ಎಂದು ಸ್ಪಷ್ಟಪಡಿಸಿದ್ದಾರೆ.

ರಸಗೊಬ್ಬರದ ಪೂರೈಕೆ ಬಗ್ಗೆ ಅಮಾನಾಂಗಳನ್ನು ಸಲ್ಲಿಸಿದ್ದಾರೆ. ಯೂರಿಯಾ ಪ್ರಮಾಣ ಕಾರಣಗಳು:ರಾಜ್ಯದಲ್ಲಿ ಮುಂಗಾರು ಹಂಗಾಮಿನಲ್ಲಿ ಮುಂಚಿತವಾಗಿ ಬಿತ್ತನೆ ಪ್ರಾರಂಭವಾಗಿರುವ ರಸಗೊಬ್ಬರ ಬೇಡಿಕೆ ಹೆಚ್ಚಾಗಿದೆ.

ಅಲ್ಲಿಯವರೆಗೆ ಬಿತ್ತನೆ ವಿಸ್ತೀರ್ಣ ಹೆಚ್ಚಿನ ಸಾಲಿನ ಹೋಲಿಸಿದಲ್ಲಿ ಹೆಚ್ಚಾಗಿದ್ದರೆ, ಹೆಚ್ಚು ಲಾಭದಾಯಕ ಬೆಳೆಯ ಮಾಸದಾರ ಹೊಂದಿ ವಿಸ್ತೀರ್ಣದ ಹೆಚ್ಚಾದ 2,000ಕ್ಕೆ ಹೆಕ್ಟೇರ್ಗಾರಿಂದಲಾದ ಹೆಚ್ಚುವಾಗಿದೆ. ಧಾರವಾಡ ಮತ್ತು ಗದಗ ಜಿಲ್ಲೆಯಲ್ಲಿ ಅಂದಾಜು 13,000 ಹೆಕ್ಟೇರ್ ಪ್ರದೇಶದಲ್ಲಿ ಬಿತ್ತನೆ ವೃದ್ಧಿ ಕೈಗೊಳ್ಳಲಾಗಿದೆ.

ಕಾರಣಗಳನ್ನು ಪರಿಶೀಲನೆ ನಡೆಸಲಾಗುತ್ತಿದೆ. ಕೃಷಿ ಇಲಾಖೆಯ ಅಧಿಕಾರಿಗಳು ರೈತರ ಸಮಸ್ಯೆ ಆಲಿಸಿ ಸೂಕ್ತ ಕ್ರಮ ಕೈಗೊಳ್ಳುವಂತೆ ಸೂಚನೆ ನೀಡಲಾಗಿದೆ.

ಪ್ರಸ್ತುತ ಸಾಲಿನಲ್ಲಿ ಒಟ್ಟು 81,000 ಮೆ.ಟನ್ ಡಿ.ಎ.ಪಿ ಮತ್ತು 1,45,000 ಮೆ.ಟನ್ ಯೂರಿಯಾ ರಸಗೊಬ್ಬರವನ್ನು ಹೆಚ್ಚುವರಿಯಾಗಿ ಪೂರೈಸುವಂತೆ ಕೇಂದ್ರ ಸರ್ಕಾರಕ್ಕೆ ಮನವಿ ಮಾಡಲಾಗಿದೆ.

Printed , Published & Owned by VENKATESH.B.S and Printed at Honalu Graphics, Ward No.2, Ashoka Road, Behind Stadium, Satyamangala Village, Vidayanagar, Hassan District, Karnataka-573201 and Published
at House No.155, Ward No.13, Laksmi Nilaya, Vidyuth Nagara , Opposite MCE College , Salagame Road, Hassan-573201, Karnataka. EDITOR : VENKATESH.B.S Mob-7899533643
